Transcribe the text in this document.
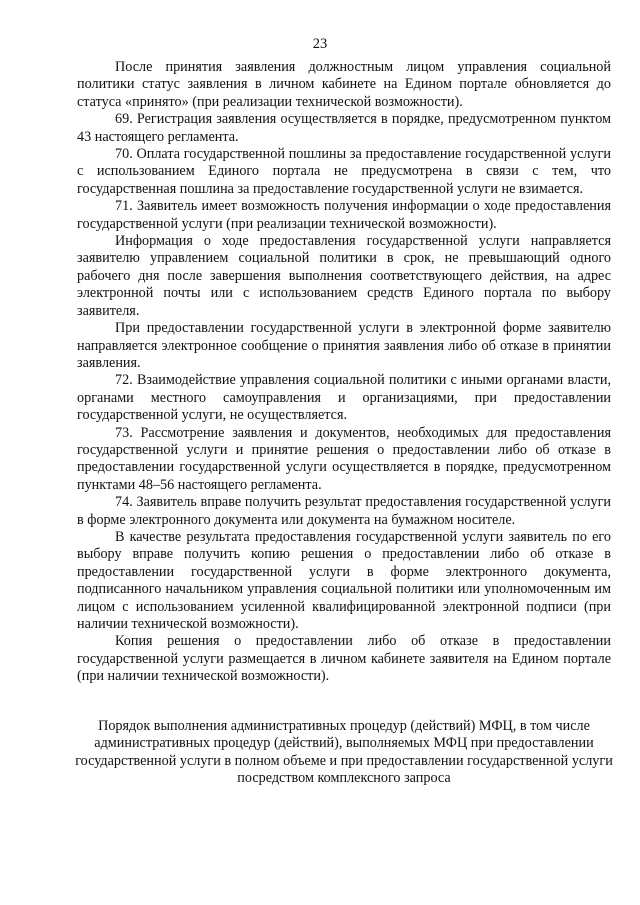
23

После принятия заявления должностным лицом управления социальной политики статус заявления в личном кабинете на Едином портале обновляется до статуса «принято» (при реализации технической возможности).

69. Регистрация заявления осуществляется в порядке, предусмотренном пунктом 43 настоящего регламента.

70. Оплата государственной пошлины за предоставление государственной услуги с использованием Единого портала не предусмотрена в связи с тем, что государственная пошлина за предоставление государственной услуги не взимается.

71. Заявитель имеет возможность получения информации о ходе предоставления государственной услуги (при реализации технической возможности).

Информация о ходе предоставления государственной услуги направляется заявителю управлением социальной политики в срок, не превышающий одного рабочего дня после завершения выполнения соответствующего действия, на адрес электронной почты или с использованием средств Единого портала по выбору заявителя.

При предоставлении государственной услуги в электронной форме заявителю направляется электронное сообщение о принятия заявления либо об отказе в принятии заявления.

72. Взаимодействие управления социальной политики с иными органами власти, органами местного самоуправления и организациями, при предоставлении государственной услуги, не осуществляется.

73. Рассмотрение заявления и документов, необходимых для предоставления государственной услуги и принятие решения о предоставлении либо об отказе в предоставлении государственной услуги осуществляется в порядке, предусмотренном пунктами 48–56 настоящего регламента.

74. Заявитель вправе получить результат предоставления государственной услуги в форме электронного документа или документа на бумажном носителе.

В качестве результата предоставления государственной услуги заявитель по его выбору вправе получить копию решения о предоставлении либо об отказе в предоставлении государственной услуги в форме электронного документа, подписанного начальником управления социальной политики или уполномоченным им лицом с использованием усиленной квалифицированной электронной подписи (при наличии технической возможности).

Копия решения о предоставлении либо об отказе в предоставлении государственной услуги размещается в личном кабинете заявителя на Едином портале (при наличии технической возможности).

Порядок выполнения административных процедур (действий) МФЦ, в том числе административных процедур (действий), выполняемых МФЦ при предоставлении государственной услуги в полном объеме и при предоставлении государственной услуги посредством комплексного запроса
